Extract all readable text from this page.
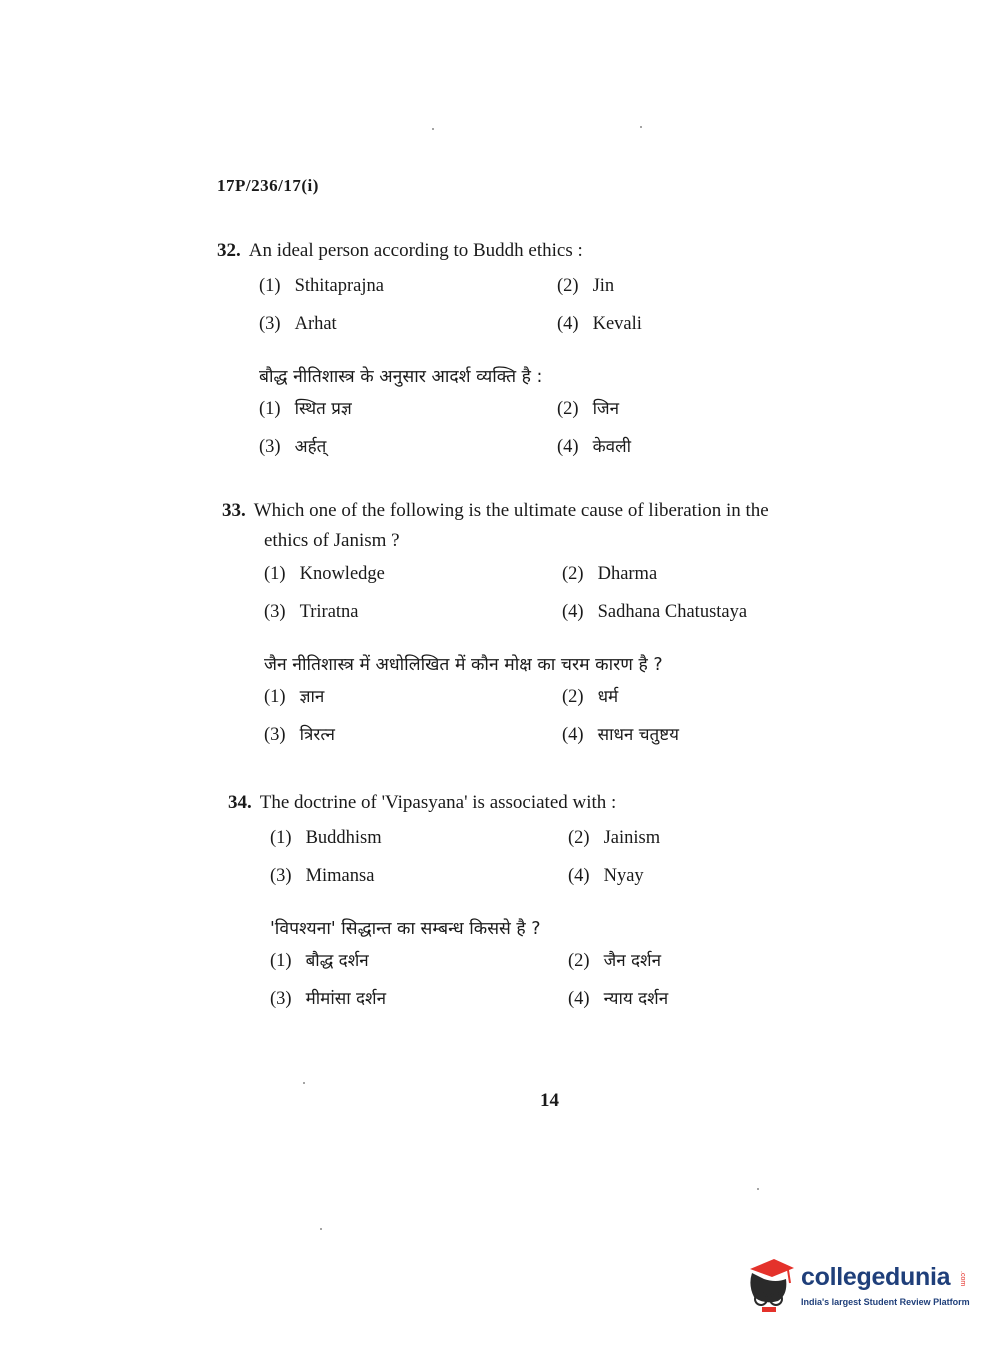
17P/236/17(i)
32. An ideal person according to Buddh ethics :
(1) Sthitaprajna	(2) Jin
(3) Arhat	(4) Kevali
बौद्ध नीतिशास्त्र के अनुसार आदर्श व्यक्ति है :
(1) स्थित प्रज्ञ	(2) जिन
(3) अर्हत्	(4) केवली
33. Which one of the following is the ultimate cause of liberation in the
ethics of Janism ?
(1) Knowledge	(2) Dharma
(3) Triratna	(4) Sadhana Chatustaya
जैन नीतिशास्त्र में अधोलिखित में कौन मोक्ष का चरम कारण है ?
(1) ज्ञान	(2) धर्म
(3) त्रिरत्न	(4) साधन चतुष्टय
34. The doctrine of 'Vipasyana' is associated with :
(1) Buddhism	(2) Jainism
(3) Mimansa	(4) Nyay
'विपश्यना' सिद्धान्त का सम्बन्ध किससे है ?
(1) बौद्ध दर्शन	(2) जैन दर्शन
(3) मीमांसा दर्शन	(4) न्याय दर्शन
14
collegedunia .com
India's largest Student Review Platform
